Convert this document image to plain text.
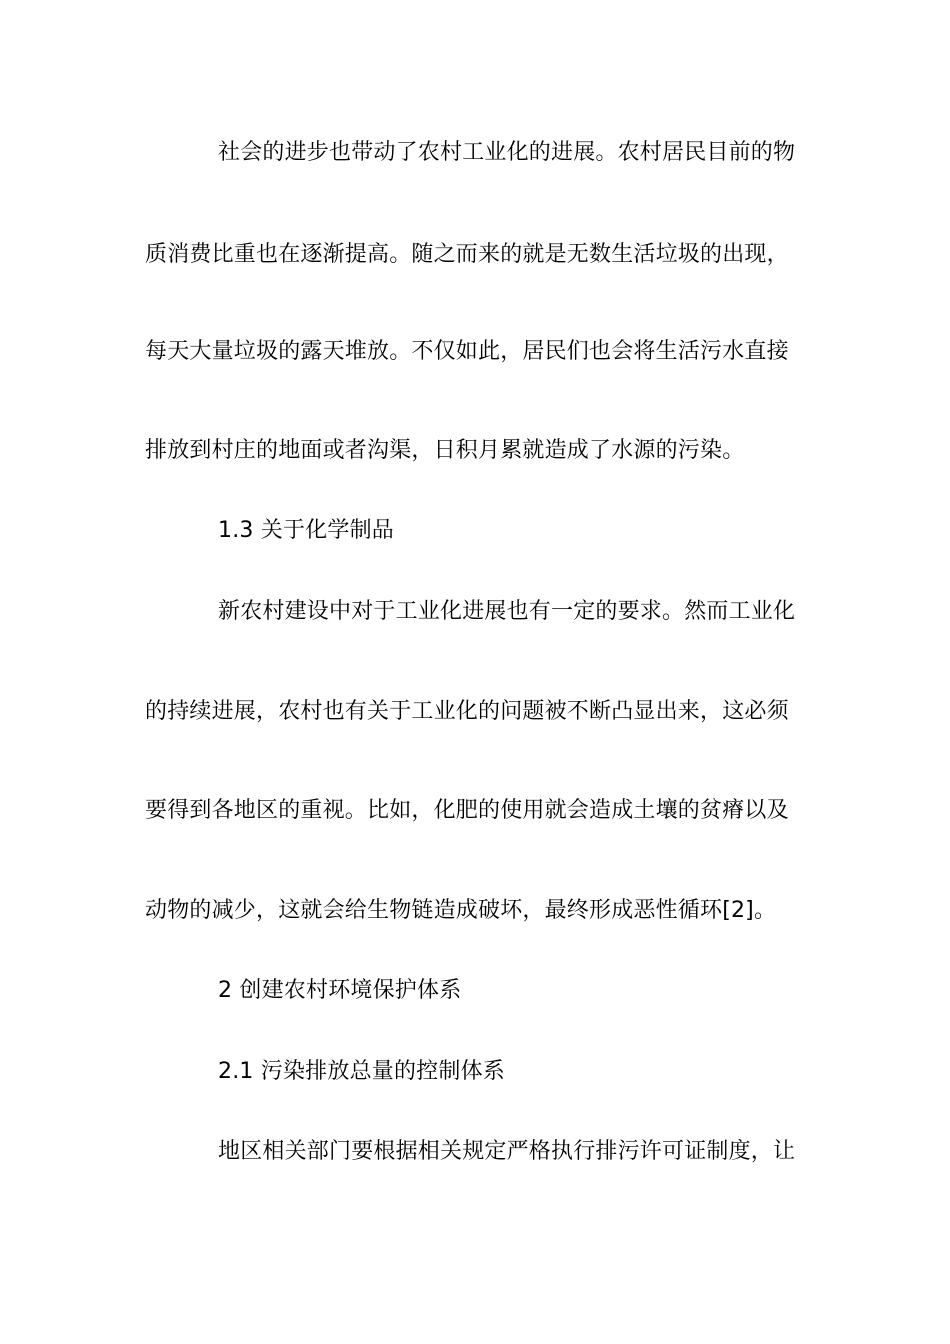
社会的进步也带动了农村工业化的进展。农村居民目前的物
质消费比重也在逐渐提高。随之而来的就是无数生活垃圾的出现，
每天大量垃圾的露天堆放。不仅如此，居民们也会将生活污水直接
排放到村庄的地面或者沟渠，日积月累就造成了水源的污染。
1.3 关于化学制品
新农村建设中对于工业化进展也有一定的要求。然而工业化
的持续进展，农村也有关于工业化的问题被不断凸显出来，这必须
要得到各地区的重视。比如，化肥的使用就会造成土壤的贫瘠以及
动物的减少，这就会给生物链造成破坏，最终形成恶性循环[2]。
2 创建农村环境保护体系
2.1 污染排放总量的控制体系
地区相关部门要根据相关规定严格执行排污许可证制度，让
